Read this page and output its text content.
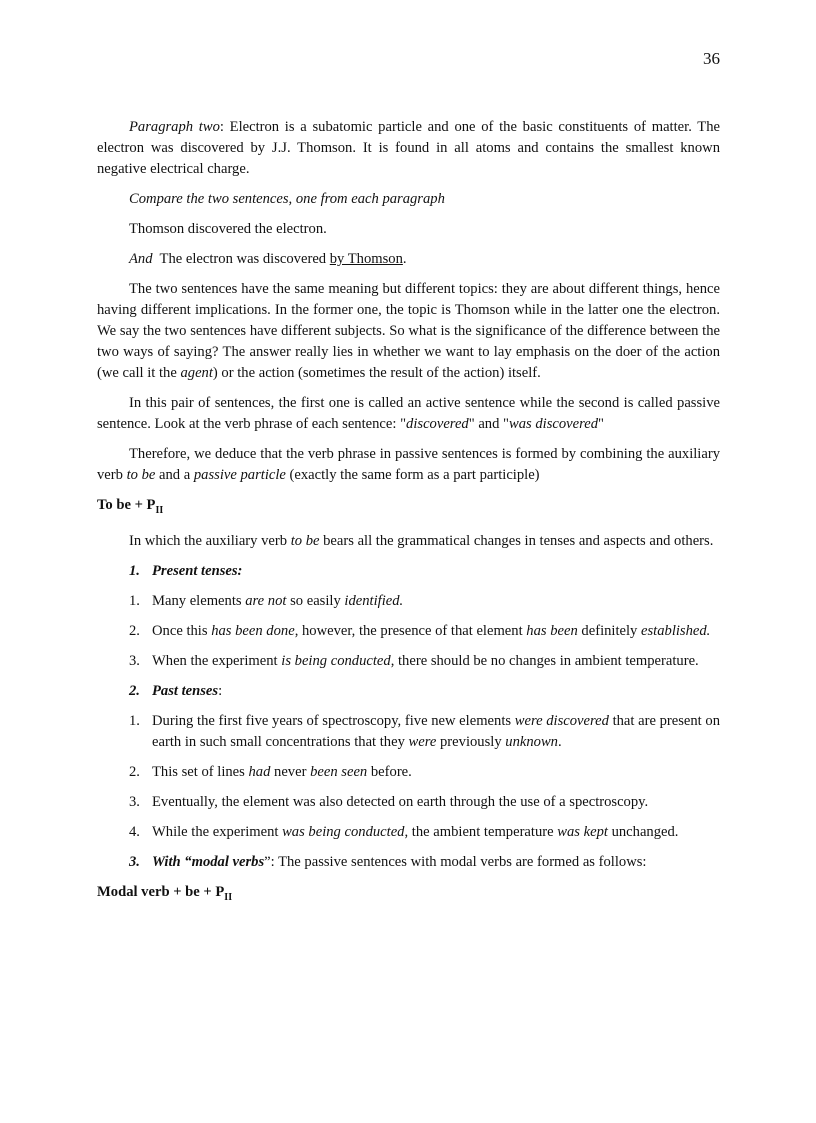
36

Paragraph two: Electron is a subatomic particle and one of the basic constituents of matter. The electron was discovered by J.J. Thomson. It is found in all atoms and contains the smallest known negative electrical charge.

Compare the two sentences, one from each paragraph

Thomson discovered the electron.

And  The electron was discovered by Thomson.

The two sentences have the same meaning but different topics: they are about different things, hence having different implications. In the former one, the topic is Thomson while in the latter one the electron. We say the two sentences have different subjects. So what is the significance of the difference between the two ways of saying? The answer really lies in whether we want to lay emphasis on the doer of the action (we call it the agent) or the action (sometimes the result of the action) itself.

In this pair of sentences, the first one is called an active sentence while the second is called passive sentence. Look at the verb phrase of each sentence: "discovered" and "was discovered"

Therefore, we deduce that the verb phrase in passive sentences is formed by combining the auxiliary verb to be and a passive particle (exactly the same form as a part participle)

To be + $P_{II}$

In which the auxiliary verb to be bears all the grammatical changes in tenses and aspects and others.

1. Present tenses:
1. Many elements are not so easily identified.
2. Once this has been done, however, the presence of that element has been definitely established.
3. When the experiment is being conducted, there should be no changes in ambient temperature.
2. Past tenses:
1. During the first five years of spectroscopy, five new elements were discovered that are present on earth in such small concentrations that they were previously unknown.
2. This set of lines had never been seen before.
3. Eventually, the element was also detected on earth through the use of a spectroscopy.
4. While the experiment was being conducted, the ambient temperature was kept unchanged.
3. With “modal verbs”: The passive sentences with modal verbs are formed as follows:

Modal verb + be + $P_{II}$
